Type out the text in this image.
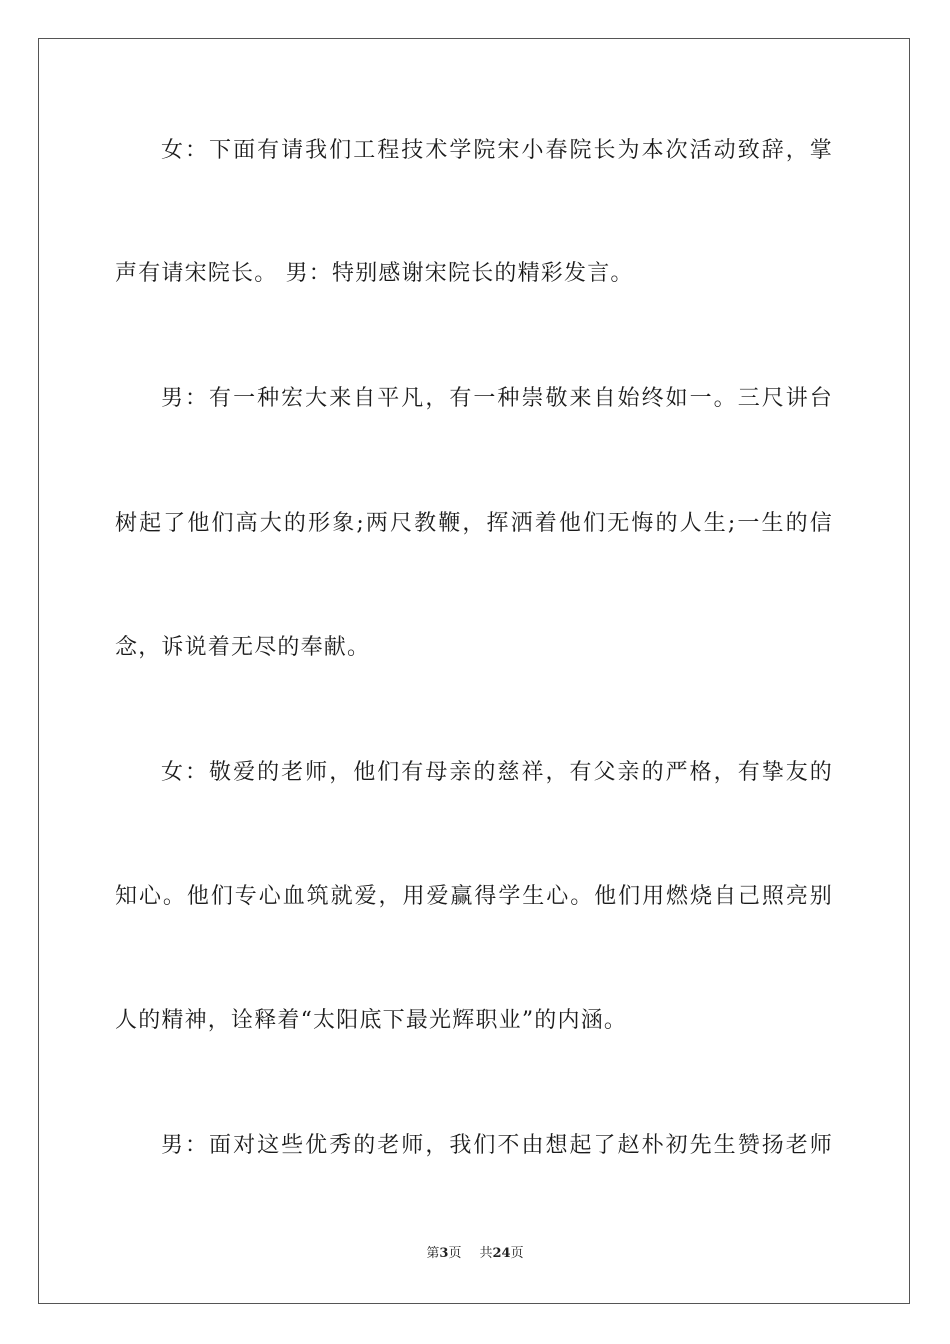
女：下面有请我们工程技术学院宋小春院长为本次活动致辞，掌
声有请宋院长。 男：特别感谢宋院长的精彩发言。
男：有一种宏大来自平凡，有一种崇敬来自始终如一。三尺讲台
树起了他们高大的形象;两尺教鞭，挥洒着他们无悔的人生;一生的信
念，诉说着无尽的奉献。
女：敬爱的老师，他们有母亲的慈祥，有父亲的严格，有挚友的
知心。他们专心血筑就爱，用爱赢得学生心。他们用燃烧自己照亮别
人的精神，诠释着“太阳底下最光辉职业”的内涵。
男：面对这些优秀的老师，我们不由想起了赵朴初先生赞扬老师
第3页 共24页
